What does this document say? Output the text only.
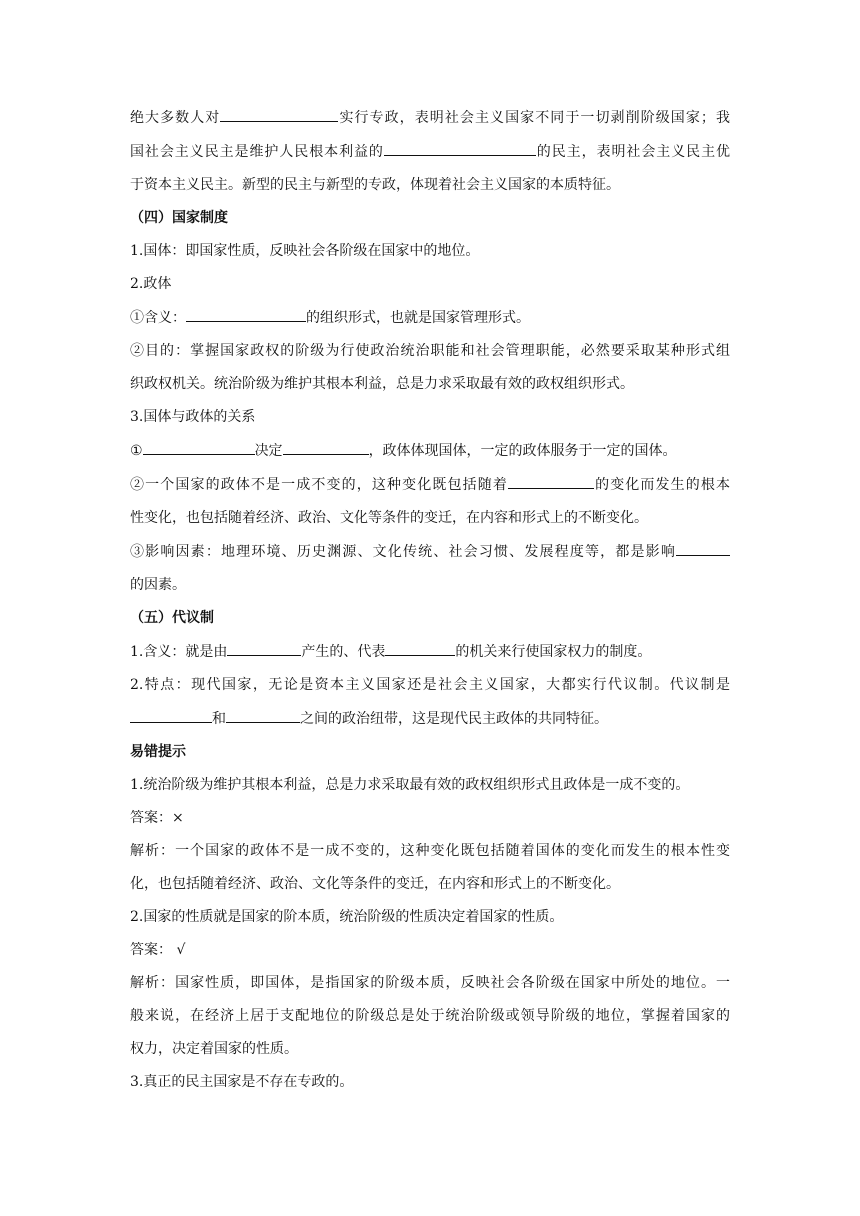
绝大多数人对	实行专政，表明社会主义国家不同于一切剥削阶级国家；我
国社会主义民主是维护人民根本利益的	的民主，表明社会主义民主优
于资本主义民主。新型的民主与新型的专政，体现着社会主义国家的本质特征。
（四）国家制度
1.国体：即国家性质，反映社会各阶级在国家中的地位。
2.政体
①含义：	的组织形式，也就是国家管理形式。
②目的：掌握国家政权的阶级为行使政治统治职能和社会管理职能，必然要采取某种形式组
织政权机关。统治阶级为维护其根本利益，总是力求采取最有效的政权组织形式。
3.国体与政体的关系
①	决定	，政体体现国体，一定的政体服务于一定的国体。
②一个国家的政体不是一成不变的，这种变化既包括随着	的变化而发生的根本
性变化，也包括随着经济、政治、文化等条件的变迁，在内容和形式上的不断变化。
③影响因素：地理环境、历史渊源、文化传统、社会习惯、发展程度等，都是影响
的因素。
（五）代议制
1.含义：就是由	产生的、代表	的机关来行使国家权力的制度。
2.特点：现代国家，无论是资本主义国家还是社会主义国家，大都实行代议制。代议制是
和	之间的政治纽带，这是现代民主政体的共同特征。
易错提示
1.统治阶级为维护其根本利益，总是力求采取最有效的政权组织形式且政体是一成不变的。
答案：×
解析：一个国家的政体不是一成不变的，这种变化既包括随着国体的变化而发生的根本性变
化，也包括随着经济、政治、文化等条件的变迁，在内容和形式上的不断变化。
2.国家的性质就是国家的阶本质，统治阶级的性质决定着国家的性质。
答案： √
解析：国家性质，即国体，是指国家的阶级本质，反映社会各阶级在国家中所处的地位。一
般来说，在经济上居于支配地位的阶级总是处于统治阶级或领导阶级的地位，掌握着国家的
权力，决定着国家的性质。
3.真正的民主国家是不存在专政的。
